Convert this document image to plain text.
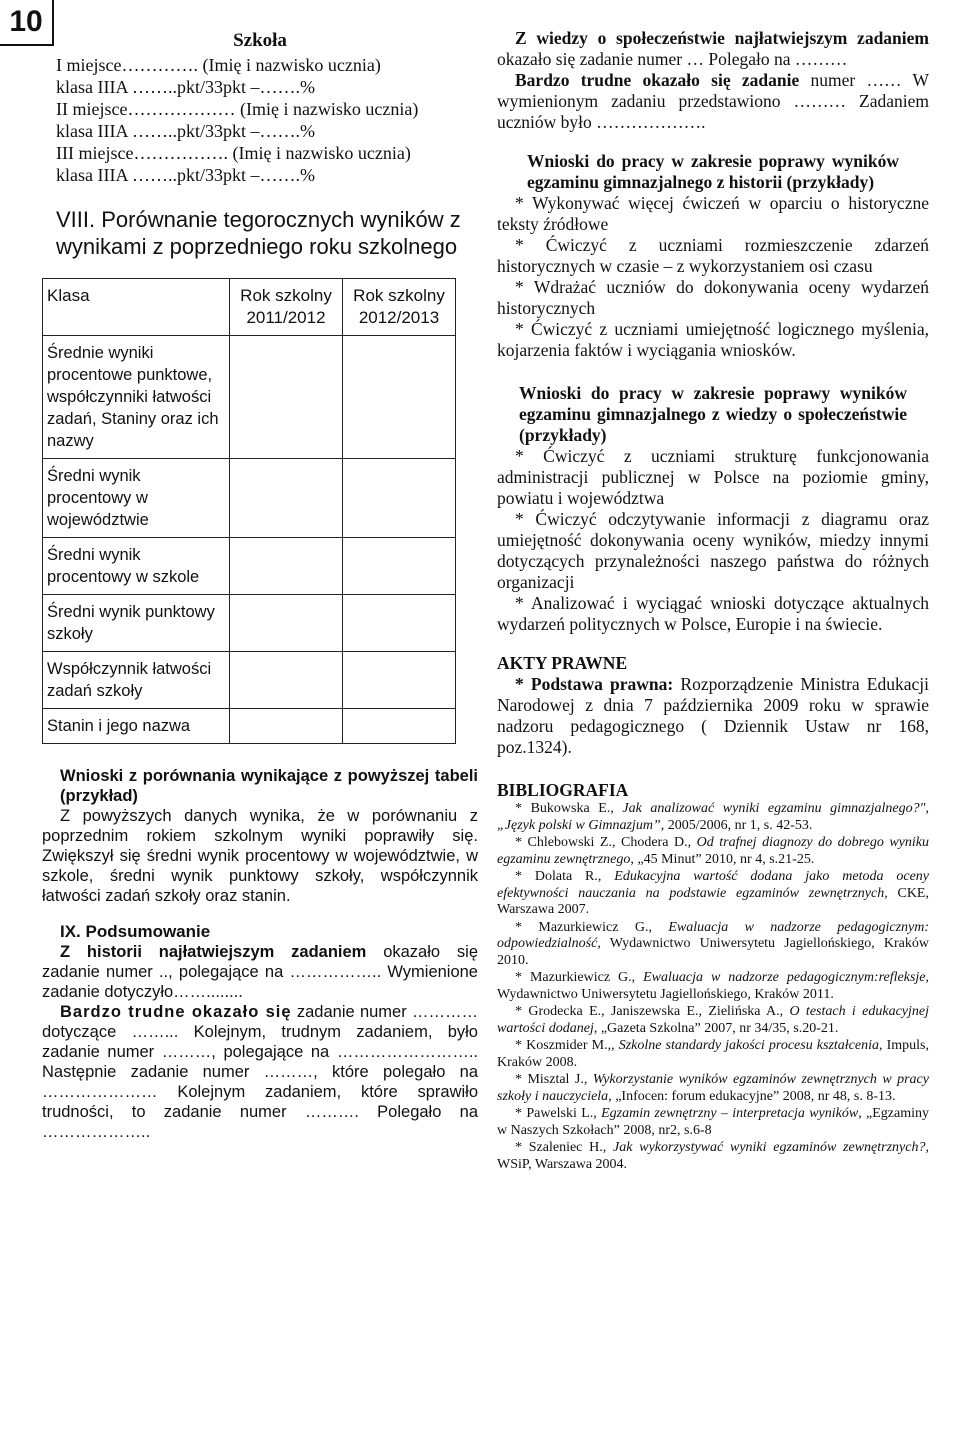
10
Szkoła
I miejsce…………. (Imię i nazwisko ucznia)
klasa IIIA ……..pkt/33pkt –…….%
II miejsce……………… (Imię i nazwisko ucznia)
klasa IIIA ……..pkt/33pkt –…….%
III miejsce……………. (Imię i nazwisko ucznia)
klasa IIIA ……..pkt/33pkt –…….%
VIII. Porównanie tegorocznych wyników z wynikami z poprzedniego roku szkolnego
Klasa	Rok szkolny 2011/2012	Rok szkolny 2012/2013
Średnie wyniki procentowe punktowe, współczynniki łatwości zadań, Staniny oraz ich nazwy		
Średni wynik procentowy w województwie		
Średni wynik procentowy w szkole		
Średni wynik punktowy szkoły		
Współczynnik łatwości zadań szkoły		
Stanin i jego nazwa		

Wnioski z porównania wynikające z powyższej tabeli (przykład)

Z powyższych danych wynika, że w porównaniu z poprzednim rokiem szkolnym wyniki poprawiły się. Zwiększył się średni wynik procentowy w województwie, w szkole, średni wynik punktowy szkoły, współczynnik łatwości zadań szkoły oraz stanin.

IX. Podsumowanie

Z historii najłatwiejszym zadaniem okazało się zadanie numer .., polegające na …………….. Wymienione zadanie dotyczyło……........

Bardzo trudne okazało się zadanie numer ………… dotyczące ……... Kolejnym, trudnym zadaniem, było zadanie numer ………, polegające na …………………….. Następnie zadanie numer ………, które polegało na ………………… Kolejnym zadaniem, które sprawiło trudności, to zadanie numer ………. Polegało na ………………..

Z wiedzy o społeczeństwie najłatwiejszym zadaniem okazało się zadanie numer … Polegało na ………

Bardzo trudne okazało się zadanie numer …… W wymienionym zadaniu przedstawiono ……… Zadaniem uczniów było ……………….

Wnioski do pracy w zakresie poprawy wyników egzaminu gimnazjalnego z historii (przykłady)

* Wykonywać więcej ćwiczeń w oparciu o historyczne teksty źródłowe

* Ćwiczyć z uczniami rozmieszczenie zdarzeń historycznych w czasie – z wykorzystaniem osi czasu

* Wdrażać uczniów do dokonywania oceny wydarzeń historycznych

* Ćwiczyć z uczniami umiejętność logicznego myślenia, kojarzenia faktów i wyciągania wniosków.

Wnioski do pracy w zakresie poprawy wyników egzaminu gimnazjalnego z wiedzy o społeczeństwie (przykłady)

* Ćwiczyć z uczniami strukturę funkcjonowania administracji publicznej w Polsce na poziomie gminy, powiatu i województwa

* Ćwiczyć odczytywanie informacji z diagramu oraz umiejętność dokonywania oceny wyników, miedzy innymi dotyczących przynależności naszego państwa do różnych organizacji

* Analizować i wyciągać wnioski dotyczące aktualnych wydarzeń politycznych w Polsce, Europie i na świecie.

AKTY PRAWNE

* Podstawa prawna: Rozporządzenie Ministra Edukacji Narodowej z dnia 7 października 2009 roku w sprawie nadzoru pedagogicznego ( Dziennik Ustaw nr 168, poz.1324).

BIBLIOGRAFIA

* Bukowska E., Jak analizować wyniki egzaminu gimnazjalnego?", „Język polski w Gimnazjum”, 2005/2006, nr 1, s. 42-53.

* Chlebowski Z., Chodera D., Od trafnej diagnozy do dobrego wyniku egzaminu zewnętrznego, „45 Minut” 2010, nr 4, s.21-25.

* Dolata R., Edukacyjna wartość dodana jako metoda oceny efektywności nauczania na podstawie egzaminów zewnętrznych, CKE, Warszawa 2007.

* Mazurkiewicz G., Ewaluacja w nadzorze pedagogicznym: odpowiedzialność, Wydawnictwo Uniwersytetu Jagiellońskiego, Kraków 2010.

* Mazurkiewicz G., Ewaluacja w nadzorze pedagogicznym:refleksje, Wydawnictwo Uniwersytetu Jagiellońskiego, Kraków 2011.

* Grodecka E., Janiszewska E., Zielińska A., O testach i edukacyjnej wartości dodanej, „Gazeta Szkolna” 2007, nr 34/35, s.20-21.

* Koszmider M.,, Szkolne standardy jakości procesu kształcenia, Impuls, Kraków 2008.

* Misztal J., Wykorzystanie wyników egzaminów zewnętrznych w pracy szkoły i nauczyciela, „Infocen: forum edukacyjne” 2008, nr 48, s. 8-13.

* Pawelski L., Egzamin zewnętrzny – interpretacja wyników, „Egzaminy w Naszych Szkołach” 2008, nr2, s.6-8

* Szaleniec H., Jak wykorzystywać wyniki egzaminów zewnętrznych?, WSiP, Warszawa 2004.
